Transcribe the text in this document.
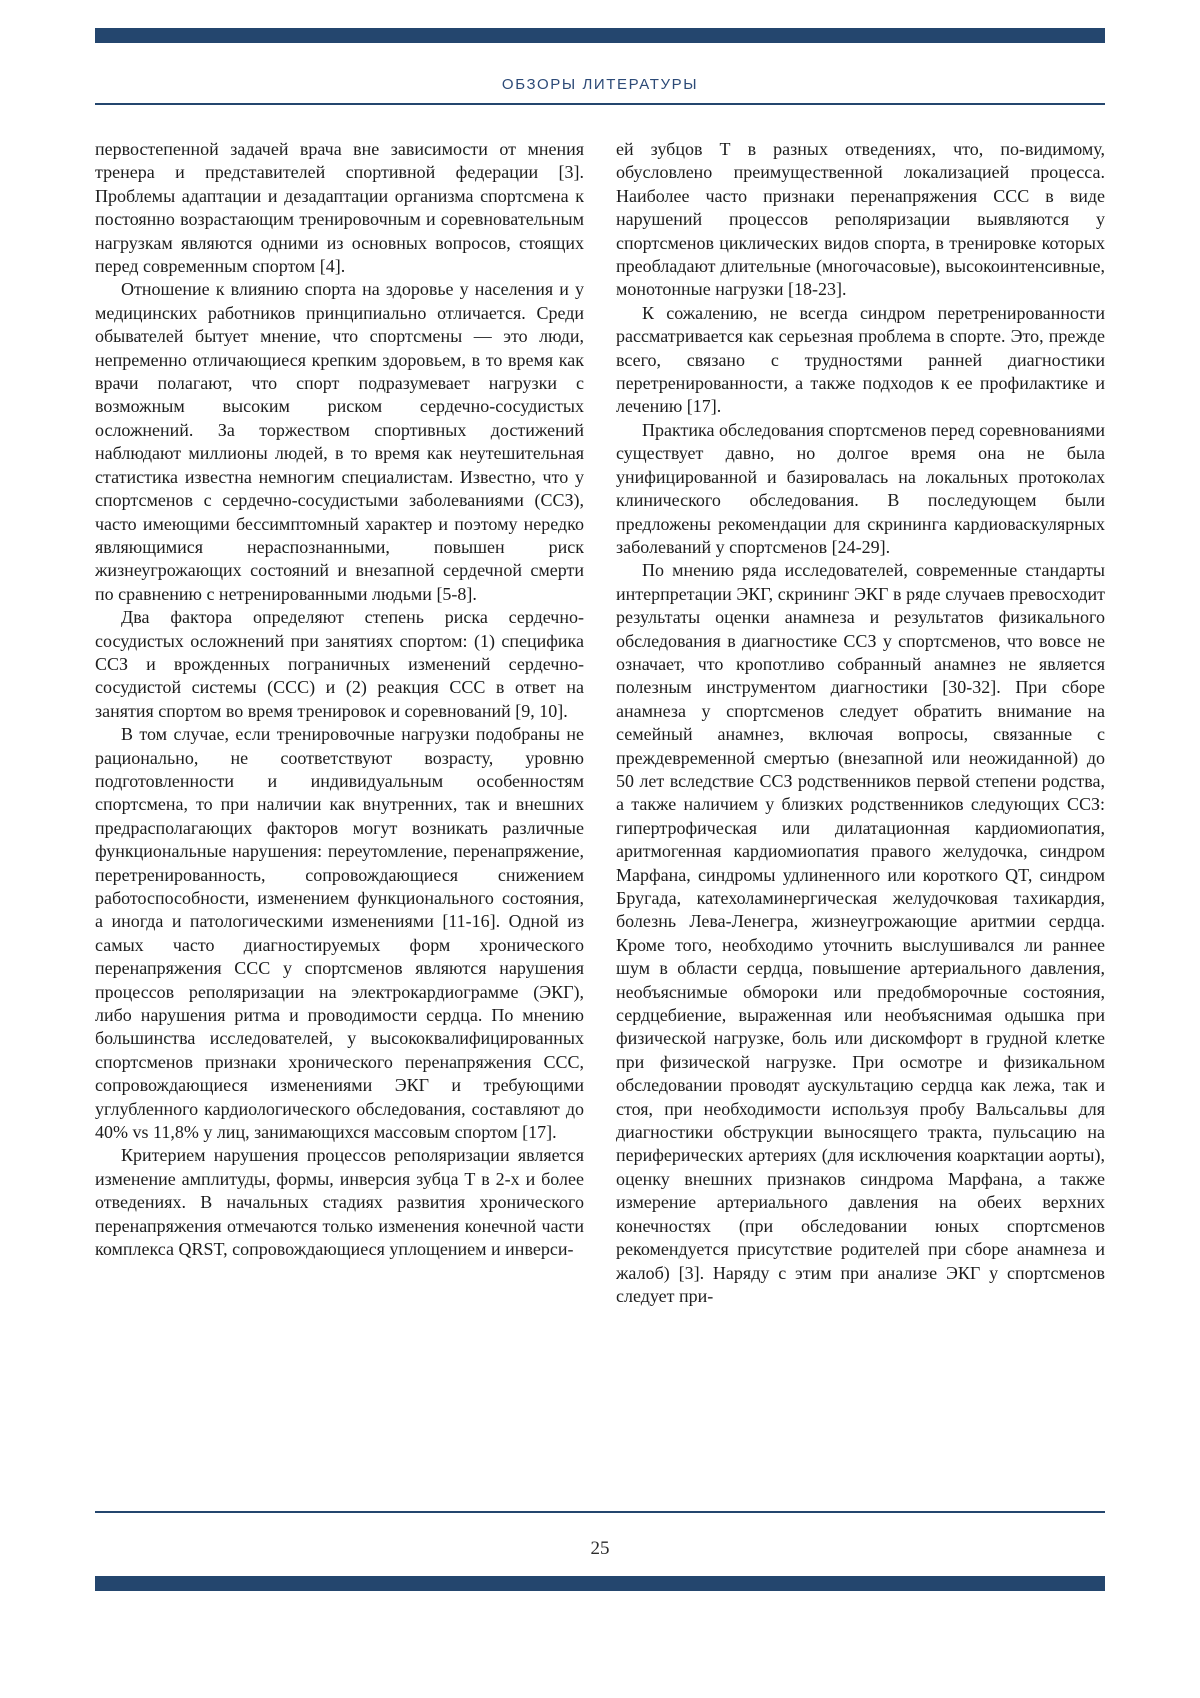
ОБЗОРЫ ЛИТЕРАТУРЫ

первостепенной задачей врача вне зависимости от мнения тренера и представителей спортивной федерации [3]. Проблемы адаптации и дезадаптации организма спортсмена к постоянно возрастающим тренировочным и соревновательным нагрузкам являются одними из основных вопросов, стоящих перед современным спортом [4].

Отношение к влиянию спорта на здоровье у населения и у медицинских работников принципиально отличается. Среди обывателей бытует мнение, что спортсмены — это люди, непременно отличающиеся крепким здоровьем, в то время как врачи полагают, что спорт подразумевает нагрузки с возможным высоким риском сердечно-сосудистых осложнений. За торжеством спортивных достижений наблюдают миллионы людей, в то время как неутешительная статистика известна немногим специалистам. Известно, что у спортсменов с сердечно-сосудистыми заболеваниями (ССЗ), часто имеющими бессимптомный характер и поэтому нередко являющимися нераспознанными, повышен риск жизнеугрожающих состояний и внезапной сердечной смерти по сравнению с нетренированными людьми [5-8].

Два фактора определяют степень риска сердечно-сосудистых осложнений при занятиях спортом: (1) специфика ССЗ и врожденных пограничных изменений сердечно-сосудистой системы (ССС) и (2) реакция ССС в ответ на занятия спортом во время тренировок и соревнований [9, 10].

В том случае, если тренировочные нагрузки подобраны не рационально, не соответствуют возрасту, уровню подготовленности и индивидуальным особенностям спортсмена, то при наличии как внутренних, так и внешних предрасполагающих факторов могут возникать различные функциональные нарушения: переутомление, перенапряжение, перетренированность, сопровождающиеся снижением работоспособности, изменением функционального состояния, а иногда и патологическими изменениями [11-16]. Одной из самых часто диагностируемых форм хронического перенапряжения ССС у спортсменов являются нарушения процессов реполяризации на электрокардиограмме (ЭКГ), либо нарушения ритма и проводимости сердца. По мнению большинства исследователей, у высококвалифицированных спортсменов признаки хронического перенапряжения ССС, сопровождающиеся изменениями ЭКГ и требующими углубленного кардиологического обследования, составляют до 40% vs 11,8% у лиц, занимающихся массовым спортом [17].

Критерием нарушения процессов реполяризации является изменение амплитуды, формы, инверсия зубца Т в 2-х и более отведениях. В начальных стадиях развития хронического перенапряжения отмечаются только изменения конечной части комплекса QRST, сопровождающиеся уплощением и инверси-

ей зубцов Т в разных отведениях, что, по-видимому, обусловлено преимущественной локализацией процесса. Наиболее часто признаки перенапряжения ССС в виде нарушений процессов реполяризации выявляются у спортсменов циклических видов спорта, в тренировке которых преобладают длительные (многочасовые), высокоинтенсивные, монотонные нагрузки [18-23].

К сожалению, не всегда синдром перетренированности рассматривается как серьезная проблема в спорте. Это, прежде всего, связано с трудностями ранней диагностики перетренированности, а также подходов к ее профилактике и лечению [17].

Практика обследования спортсменов перед соревнованиями существует давно, но долгое время она не была унифицированной и базировалась на локальных протоколах клинического обследования. В последующем были предложены рекомендации для скрининга кардиоваскулярных заболеваний у спортсменов [24-29].

По мнению ряда исследователей, современные стандарты интерпретации ЭКГ, скрининг ЭКГ в ряде случаев превосходит результаты оценки анамнеза и результатов физикального обследования в диагностике ССЗ у спортсменов, что вовсе не означает, что кропотливо собранный анамнез не является полезным инструментом диагностики [30-32]. При сборе анамнеза у спортсменов следует обратить внимание на семейный анамнез, включая вопросы, связанные с преждевременной смертью (внезапной или неожиданной) до 50 лет вследствие ССЗ родственников первой степени родства, а также наличием у близких родственников следующих ССЗ: гипертрофическая или дилатационная кардиомиопатия, аритмогенная кардиомиопатия правого желудочка, синдром Марфана, синдромы удлиненного или короткого QT, синдром Бругада, катехоламинергическая желудочковая тахикардия, болезнь Лева-Ленегра, жизнеугрожающие аритмии сердца. Кроме того, необходимо уточнить выслушивался ли раннее шум в области сердца, повышение артериального давления, необъяснимые обмороки или предобморочные состояния, сердцебиение, выраженная или необъяснимая одышка при физической нагрузке, боль или дискомфорт в грудной клетке при физической нагрузке. При осмотре и физикальном обследовании проводят аускультацию сердца как лежа, так и стоя, при необходимости используя пробу Вальсальвы для диагностики обструкции выносящего тракта, пульсацию на периферических артериях (для исключения коарктации аорты), оценку внешних признаков синдрома Марфана, а также измерение артериального давления на обеих верхних конечностях (при обследовании юных спортсменов рекомендуется присутствие родителей при сборе анамнеза и жалоб) [3]. Наряду с этим при анализе ЭКГ у спортсменов следует при-

25
